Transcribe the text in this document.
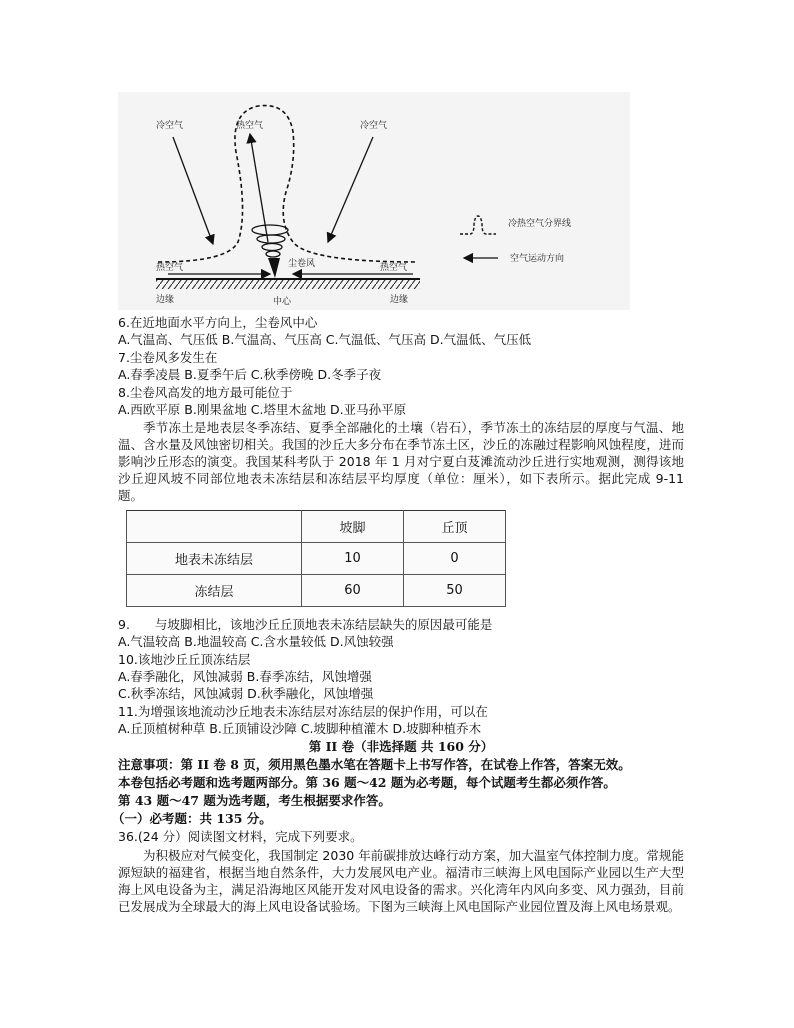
冷空气	热空气	冷空气
热空气	尘卷风	热空气
边缘	中心	边缘
冷热空气分界线
空气运动方向
6.在近地面水平方向上，尘卷风中心
A.气温高、气压低 B.气温高、气压高 C.气温低、气压高 D.气温低、气压低
7.尘卷风多发生在
A.春季凌晨 B.夏季午后 C.秋季傍晚 D.冬季子夜
8.尘卷风高发的地方最可能位于
A.西欧平原 B.刚果盆地 C.塔里木盆地 D.亚马孙平原
季节冻土是地表层冬季冻结、夏季全部融化的土壤（岩石），季节冻土的冻结层的厚度与气温、地温、含水量及风蚀密切相关。我国的沙丘大多分布在季节冻土区，沙丘的冻融过程影响风蚀程度，进而影响沙丘形态的演变。我国某科考队于 2018 年 1 月对宁夏白芨滩流动沙丘进行实地观测，测得该地沙丘迎风坡不同部位地表未冻结层和冻结层平均厚度（单位：厘米），如下表所示。据此完成 9-11 题。
	坡脚	丘顶
地表未冻结层	10	0
冻结层	60	50
9.　　与坡脚相比，该地沙丘丘顶地表未冻结层缺失的原因最可能是
A.气温较高 B.地温较高 C.含水量较低 D.风蚀较强
10.该地沙丘丘顶冻结层
A.春季融化，风蚀减弱 B.春季冻结，风蚀增强
C.秋季冻结，风蚀减弱 D.秋季融化，风蚀增强
11.为增强该地流动沙丘地表未冻结层对冻结层的保护作用，可以在
A.丘顶植树种草 B.丘顶铺设沙障 C.坡脚种植灌木 D.坡脚种植乔木
第 II 卷（非选择题 共 160 分）
注意事项：第 II 卷 8 页，须用黑色墨水笔在答题卡上书写作答，在试卷上作答，答案无效。
本卷包括必考题和选考题两部分。第 36 题～42 题为必考题，每个试题考生都必须作答。
第 43 题～47 题为选考题，考生根据要求作答。
（一）必考题：共 135 分。
36.(24 分）阅读图文材料，完成下列要求。
为积极应对气候变化，我国制定 2030 年前碳排放达峰行动方案，加大温室气体控制力度。常规能源短缺的福建省，根据当地自然条件，大力发展风电产业。福清市三峡海上风电国际产业园以生产大型海上风电设备为主，满足沿海地区风能开发对风电设备的需求。兴化湾年内风向多变、风力强劲，目前已发展成为全球最大的海上风电设备试验场。下图为三峡海上风电国际产业园位置及海上风电场景观。
